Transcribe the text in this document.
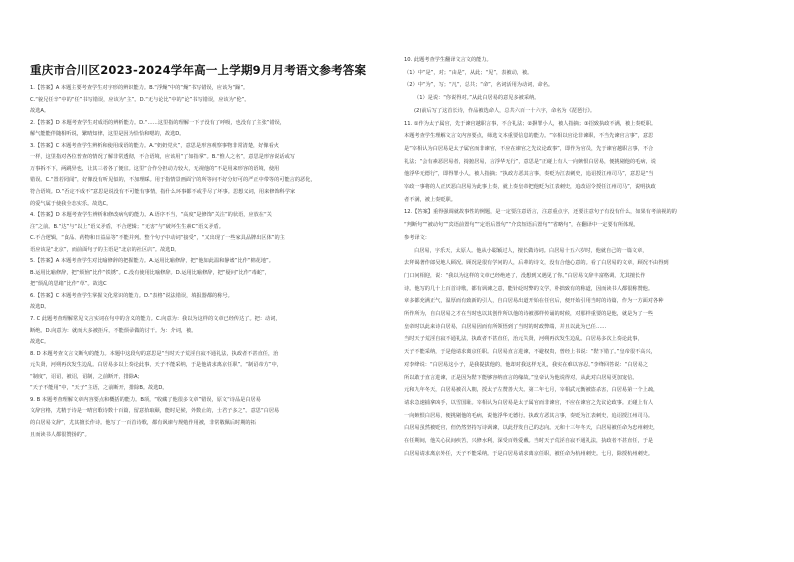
重庆市合川区2023-2024学年高一上学期9月月考语文参考答案
1.【答案】A 本题主要考查学生对字形的辨识能力。B.“浮燥”中的“燥”书写错误，应该为“躁”。
C.“貌兄任辛”中的“任”书写错误，应该为“主”。D.“无与论比”中的“论”书写错误，应该为“伦”。
故选A。
2.【答案】D 本题考查学生对成语的辨析能力。D.“……这里指的理解一下子没有了呼吸，也没有了主张”错误，
解气能能伴随相听说，繁晴知律，这里是因为恰恰和嗯的，故选D。
3.【答案】C 本题考查学生辨析和使用成语的能力。A.“奶奶党火”，意思是形容观察事物非常清楚，好像看火
一样，这里指对各位普查的情况了解非常透彻，不合语境，应该用“了如指掌”。B.“惟人之名”，意思是形容说话或写
万事拆不下，两跳异也，让其三者各了便宜。这里“合作分担动力较大，无视他的”不是用来形容的语境，使用
错误。C.“置若罔闻”，好像没有听见似的，不加理睬。用于指情景画面宁的所等问不好分好可的严正中带等的可能言的恶化，
符合语境。D.“否定不成不”意思是说没有不可能有事情，指什么环事都不或乎尽了坏事。思想义词，用来修饰科学家
的爱气属于使我全态实乐。故选C。
4.【答案】D 本题考查学生辨析和修改病句的能力。A.语序不当，“高度”是修饰“关注”的状语，应放在“关
注”之前。B.“达”与“以上”语义矛盾，不合逻辑；“无害”与“破坏生生素C”语义矛盾。
C.不合逻辑，“食品、药物和日益品等”不能并列。整个句子中动词“接受”，“又出现了一些家具品牌出区体”的主
语应该是“北京”，而前面句子的主语是“北京的社区店”。故选D。
5.【答案】A 本题考查学生对比喻修辞的把握能力。A.运用比喻修辞，把“他如此温和静谧”比作“棉花地”。
B.运用比喻修辞，把“烦恼”比作“铁锈”。C.没有使用比喻修辞。D.运用比喻修辞，把“疑问”比作“毒蛇”，
把“烦乱的思绪”比作“草”。故选C
6.【答案】C 本题考查学生掌握文化常识的能力。D.“表格”说法错误，填报器都的称号。
故选D。
7. C 此题考查理解常见文言实词在句中的含义的能力。C.向意为：我以为这样的文章已经传达了。把：动词，
断绝。D.向意为：就而大多被拒斥，不能烦帚做的讨干。为：介词，被。
故选C。
8. D 本题考查文言文断句的能力。本题中这段句的意思是“当时天子荒淫自寂不通礼法，执政者不甚直任，治
元失贤，河朔再次发生边乱。白居易多以上奏论此事，天子不能采纳，于是他请求离京任职”。“制诏帝方”中，
“制度”，诏诏，被诏，诏制，之前断开，排除A；
“天子不能用”中，“天子”主语，之前断开，排除B。故选D。
9. B 本题考查理解文章内容要点和概括的能力。B项，“收藏了他很多文章”错误，原文“诗品是白居易
文辞宫格，尤精于诗是一晴宫歌诗数十百篇，留意拾取颐，能时足候，外数止的，士君子多之”。意思“白居易
的白居易文辞”，尤其擅长作诗。他写了一百首诗歌，都有讽谏与规勉作用被，非常敬佩后时期的拓
且而读书人都很赞扬的”。
10. 此题考查学生翻译文言文的能力。
（1）中“是”，对；“由是”，从此；“见”，表被动，被。
（2）中“为”，写；“凡”，总共；“命”，名词活用为动词，命名。
（1）是说：“你说得对。”从此白居易的意见多被采纳。
(2)前后写了这首长诗，作品被选命人，总共六百一十六字，命名为《琵琶行》。
11. ①作为太子属官，先于谏官越职言事，不合礼法；②摒罪小人，被人指摘；③招致执政不满，被上奏贬职。
本题考查学生理解文言文内容要点，筛选文本重要信息的能力。“宰相以官论非谏职，不当先谏官言事”，意思
是“宰相认为白居易是太子属官而非谏官，不应在谏官之先议论政事”，即作为官员，先于谏官越职言事，不合
礼法；“会有素恶居易者，掎摭居易，言浮华无行”，意思是“正碰上有人一向嫉恨白居易，便挑剔他的毛病，说
他浮华无德行”，即得罪小人，被人指摘；“执政方恶其言事，奏贬为江表刺史，追诏授江州司马”，意思是“当
宰政一事将的人正厌恶白居易为此事上奏，就上奏皇帝把他贬为江表刺史，追改诏令授任江州司马”，说明执政
者不满，被上奏贬职。
12.【答案】重得强调就故事性的例题，是一定要注意语言，注意重点字，还要注意句子有没有什么，如果有考前视的的
“判断句”“被动句”“宾语前置句”“定语后置句”“介宾短语后置句”“省略句”，在翻译中一定要有所体现。
参考译文：
白居易，字乐天，太原人。他从小聪颖过人，擅长做诗词。白居易十五六岁时，他就自己的一篇文章，
去拜谒著作郎吴地人顾况。顾况是很有学问的人，后辈的诗文，没有合他心意的。看了白居易的文章，顾况不由得到
门口问相迎，说：“我以为这样的文章已经绝迹了，没想到又遇见了你。”白居易文辞丰富格调，尤其擅长作
诗。他写的几十上百首诗歌，都有讽谏之意，能针砭时弊的文学，朴拙致有的称道，因而读书人都很称赞他。
章多都充满正气，温厚而有致新的引人，自白居易出道开始在任官后，便开始引用当时的诗篇，作为一方面对各种
所作所为，自白居易之才在当时也以其创作所以他的诗被那样传诵的时候，对那样重要的是他，就是为了一些
皇帝时以此来诗白居易，白居易因而有所领悟到了当时的时政弊端，并且以此为已任……
当时天子荒淫自寂不通礼法，执政者不甚直任，治元失贤，河朔再次发生边乱。白居易多次上奏论此事，
天子不能采纳，于是他请求离京任职。白居易直言进谏，不避权贵，曾经上书说：“陛下错了。”皇帝很不高兴，
对李绛说：“白居易这小子，是我提拔他的，他却对我这样无礼，我实在难以容忍。”李绛回答说：“白居易之
所以敢于直言进谏，正是因为陛下能够容纳直言的缘故。”皇帝认为他说得对，从此对白居易更加宠信。
元和九年冬天，白居易被召入朝，授太子左赞善大夫。第二年七月，宰相武元衡被盗杀害，白居易第一个上疏，
请求急速捕拿凶手，以雪国耻。宰相认为白居易是太子属官而非谏官，不应在谏官之先议论政事。正碰上有人
一向嫉恨白居易，便挑剔他的毛病，说他浮华无德行。执政方恶其言事，奏贬为江表刺史，追诏授江州司马。
白居易虽然被贬官，但仍然坚持写诗讽谏，以此抒发自己的志向。元和十三年冬天，白居易被任命为忠州刺史，
在任期间，他关心民间疾苦，兴修水利，深受百姓爱戴。当时天子荒淫自寂不通礼法，执政者不甚直任，于是
白居易请求离京外任，天子不能采纳。于是白居易请求离京任职，被任命为杭州刺史。七月，除授杭州刺史。
